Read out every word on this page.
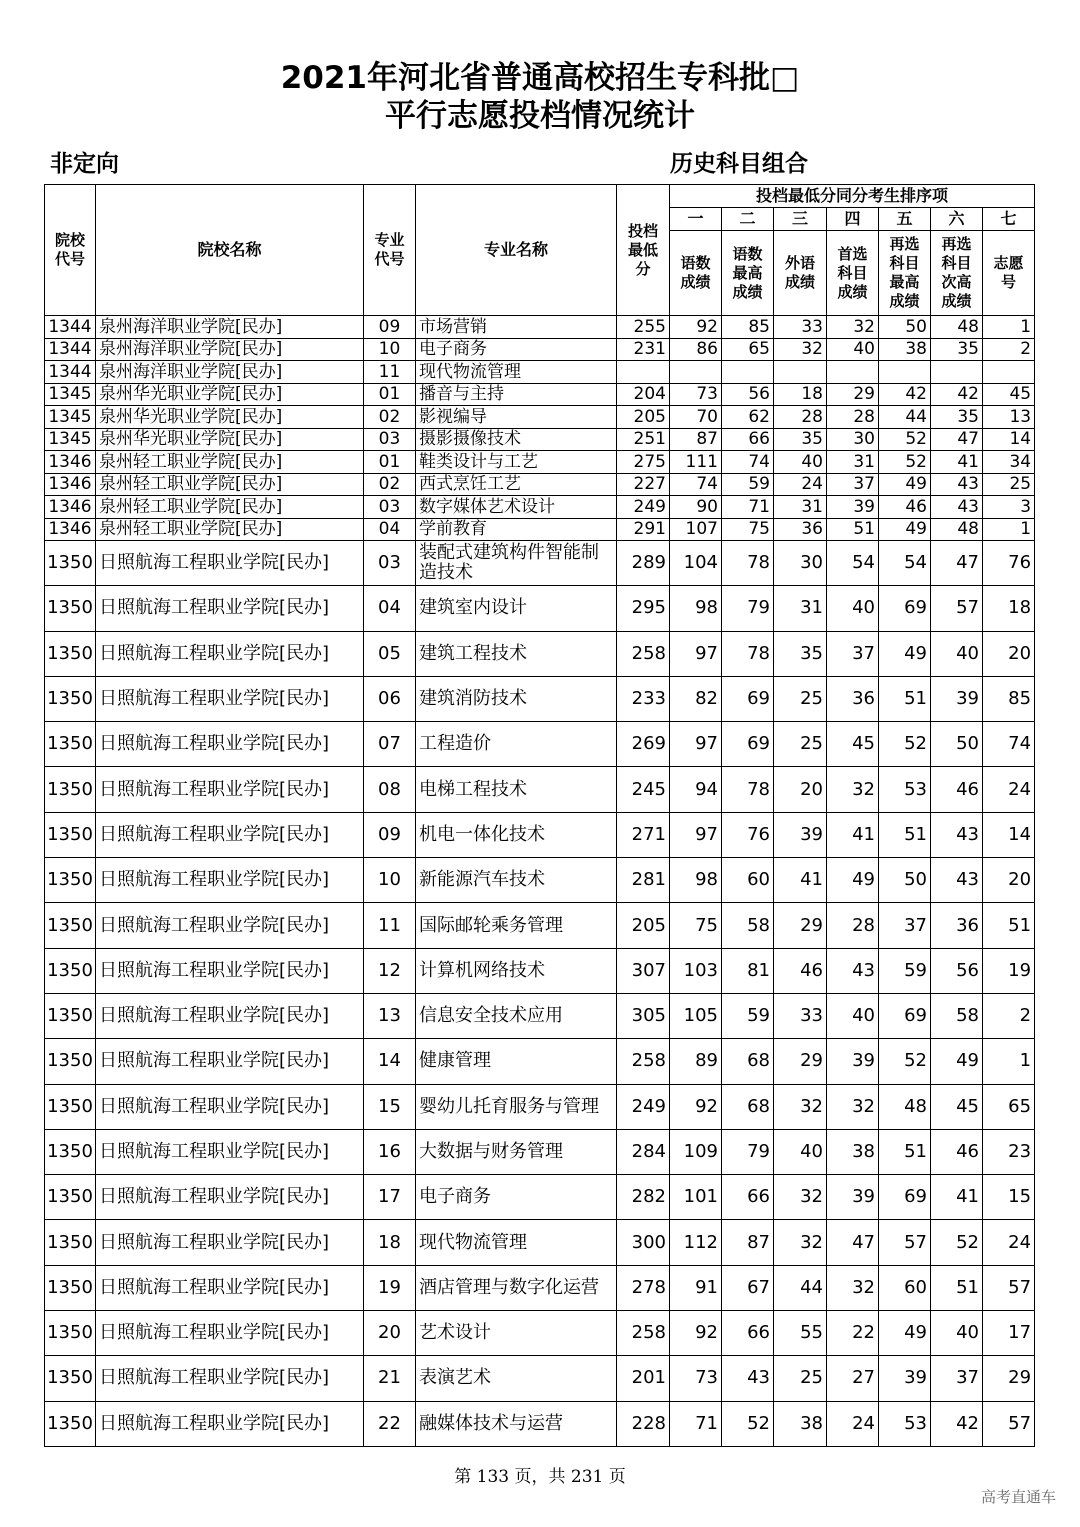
2021年河北省普通高校招生专科批□
平行志愿投档情况统计
非定向	历史科目组合
院校代号	院校名称	专业代号	专业名称	投档最低分	投档最低分同分考生排序项						
					一	二	三	四	五	六	七
					语数成绩	语数最高成绩	外语成绩	首选科目成绩	再选科目最高成绩	再选科目次高成绩	志愿号
1344	泉州海洋职业学院[民办]	09	市场营销	255	92	85	33	32	50	48	1
1344	泉州海洋职业学院[民办]	10	电子商务	231	86	65	32	40	38	35	2
1344	泉州海洋职业学院[民办]	11	现代物流管理								
1345	泉州华光职业学院[民办]	01	播音与主持	204	73	56	18	29	42	42	45
1345	泉州华光职业学院[民办]	02	影视编导	205	70	62	28	28	44	35	13
1345	泉州华光职业学院[民办]	03	摄影摄像技术	251	87	66	35	30	52	47	14
1346	泉州轻工职业学院[民办]	01	鞋类设计与工艺	275	111	74	40	31	52	41	34
1346	泉州轻工职业学院[民办]	02	西式烹饪工艺	227	74	59	24	37	49	43	25
1346	泉州轻工职业学院[民办]	03	数字媒体艺术设计	249	90	71	31	39	46	43	3
1346	泉州轻工职业学院[民办]	04	学前教育	291	107	75	36	51	49	48	1
1350	日照航海工程职业学院[民办]	03	装配式建筑构件智能制造技术	289	104	78	30	54	54	47	76
1350	日照航海工程职业学院[民办]	04	建筑室内设计	295	98	79	31	40	69	57	18
1350	日照航海工程职业学院[民办]	05	建筑工程技术	258	97	78	35	37	49	40	20
1350	日照航海工程职业学院[民办]	06	建筑消防技术	233	82	69	25	36	51	39	85
1350	日照航海工程职业学院[民办]	07	工程造价	269	97	69	25	45	52	50	74
1350	日照航海工程职业学院[民办]	08	电梯工程技术	245	94	78	20	32	53	46	24
1350	日照航海工程职业学院[民办]	09	机电一体化技术	271	97	76	39	41	51	43	14
1350	日照航海工程职业学院[民办]	10	新能源汽车技术	281	98	60	41	49	50	43	20
1350	日照航海工程职业学院[民办]	11	国际邮轮乘务管理	205	75	58	29	28	37	36	51
1350	日照航海工程职业学院[民办]	12	计算机网络技术	307	103	81	46	43	59	56	19
1350	日照航海工程职业学院[民办]	13	信息安全技术应用	305	105	59	33	40	69	58	2
1350	日照航海工程职业学院[民办]	14	健康管理	258	89	68	29	39	52	49	1
1350	日照航海工程职业学院[民办]	15	婴幼儿托育服务与管理	249	92	68	32	32	48	45	65
1350	日照航海工程职业学院[民办]	16	大数据与财务管理	284	109	79	40	38	51	46	23
1350	日照航海工程职业学院[民办]	17	电子商务	282	101	66	32	39	69	41	15
1350	日照航海工程职业学院[民办]	18	现代物流管理	300	112	87	32	47	57	52	24
1350	日照航海工程职业学院[民办]	19	酒店管理与数字化运营	278	91	67	44	32	60	51	57
1350	日照航海工程职业学院[民办]	20	艺术设计	258	92	66	55	22	49	40	17
1350	日照航海工程职业学院[民办]	21	表演艺术	201	73	43	25	27	39	37	29
1350	日照航海工程职业学院[民办]	22	融媒体技术与运营	228	71	52	38	24	53	42	57
第 133 页，共 231 页
高考直通车
